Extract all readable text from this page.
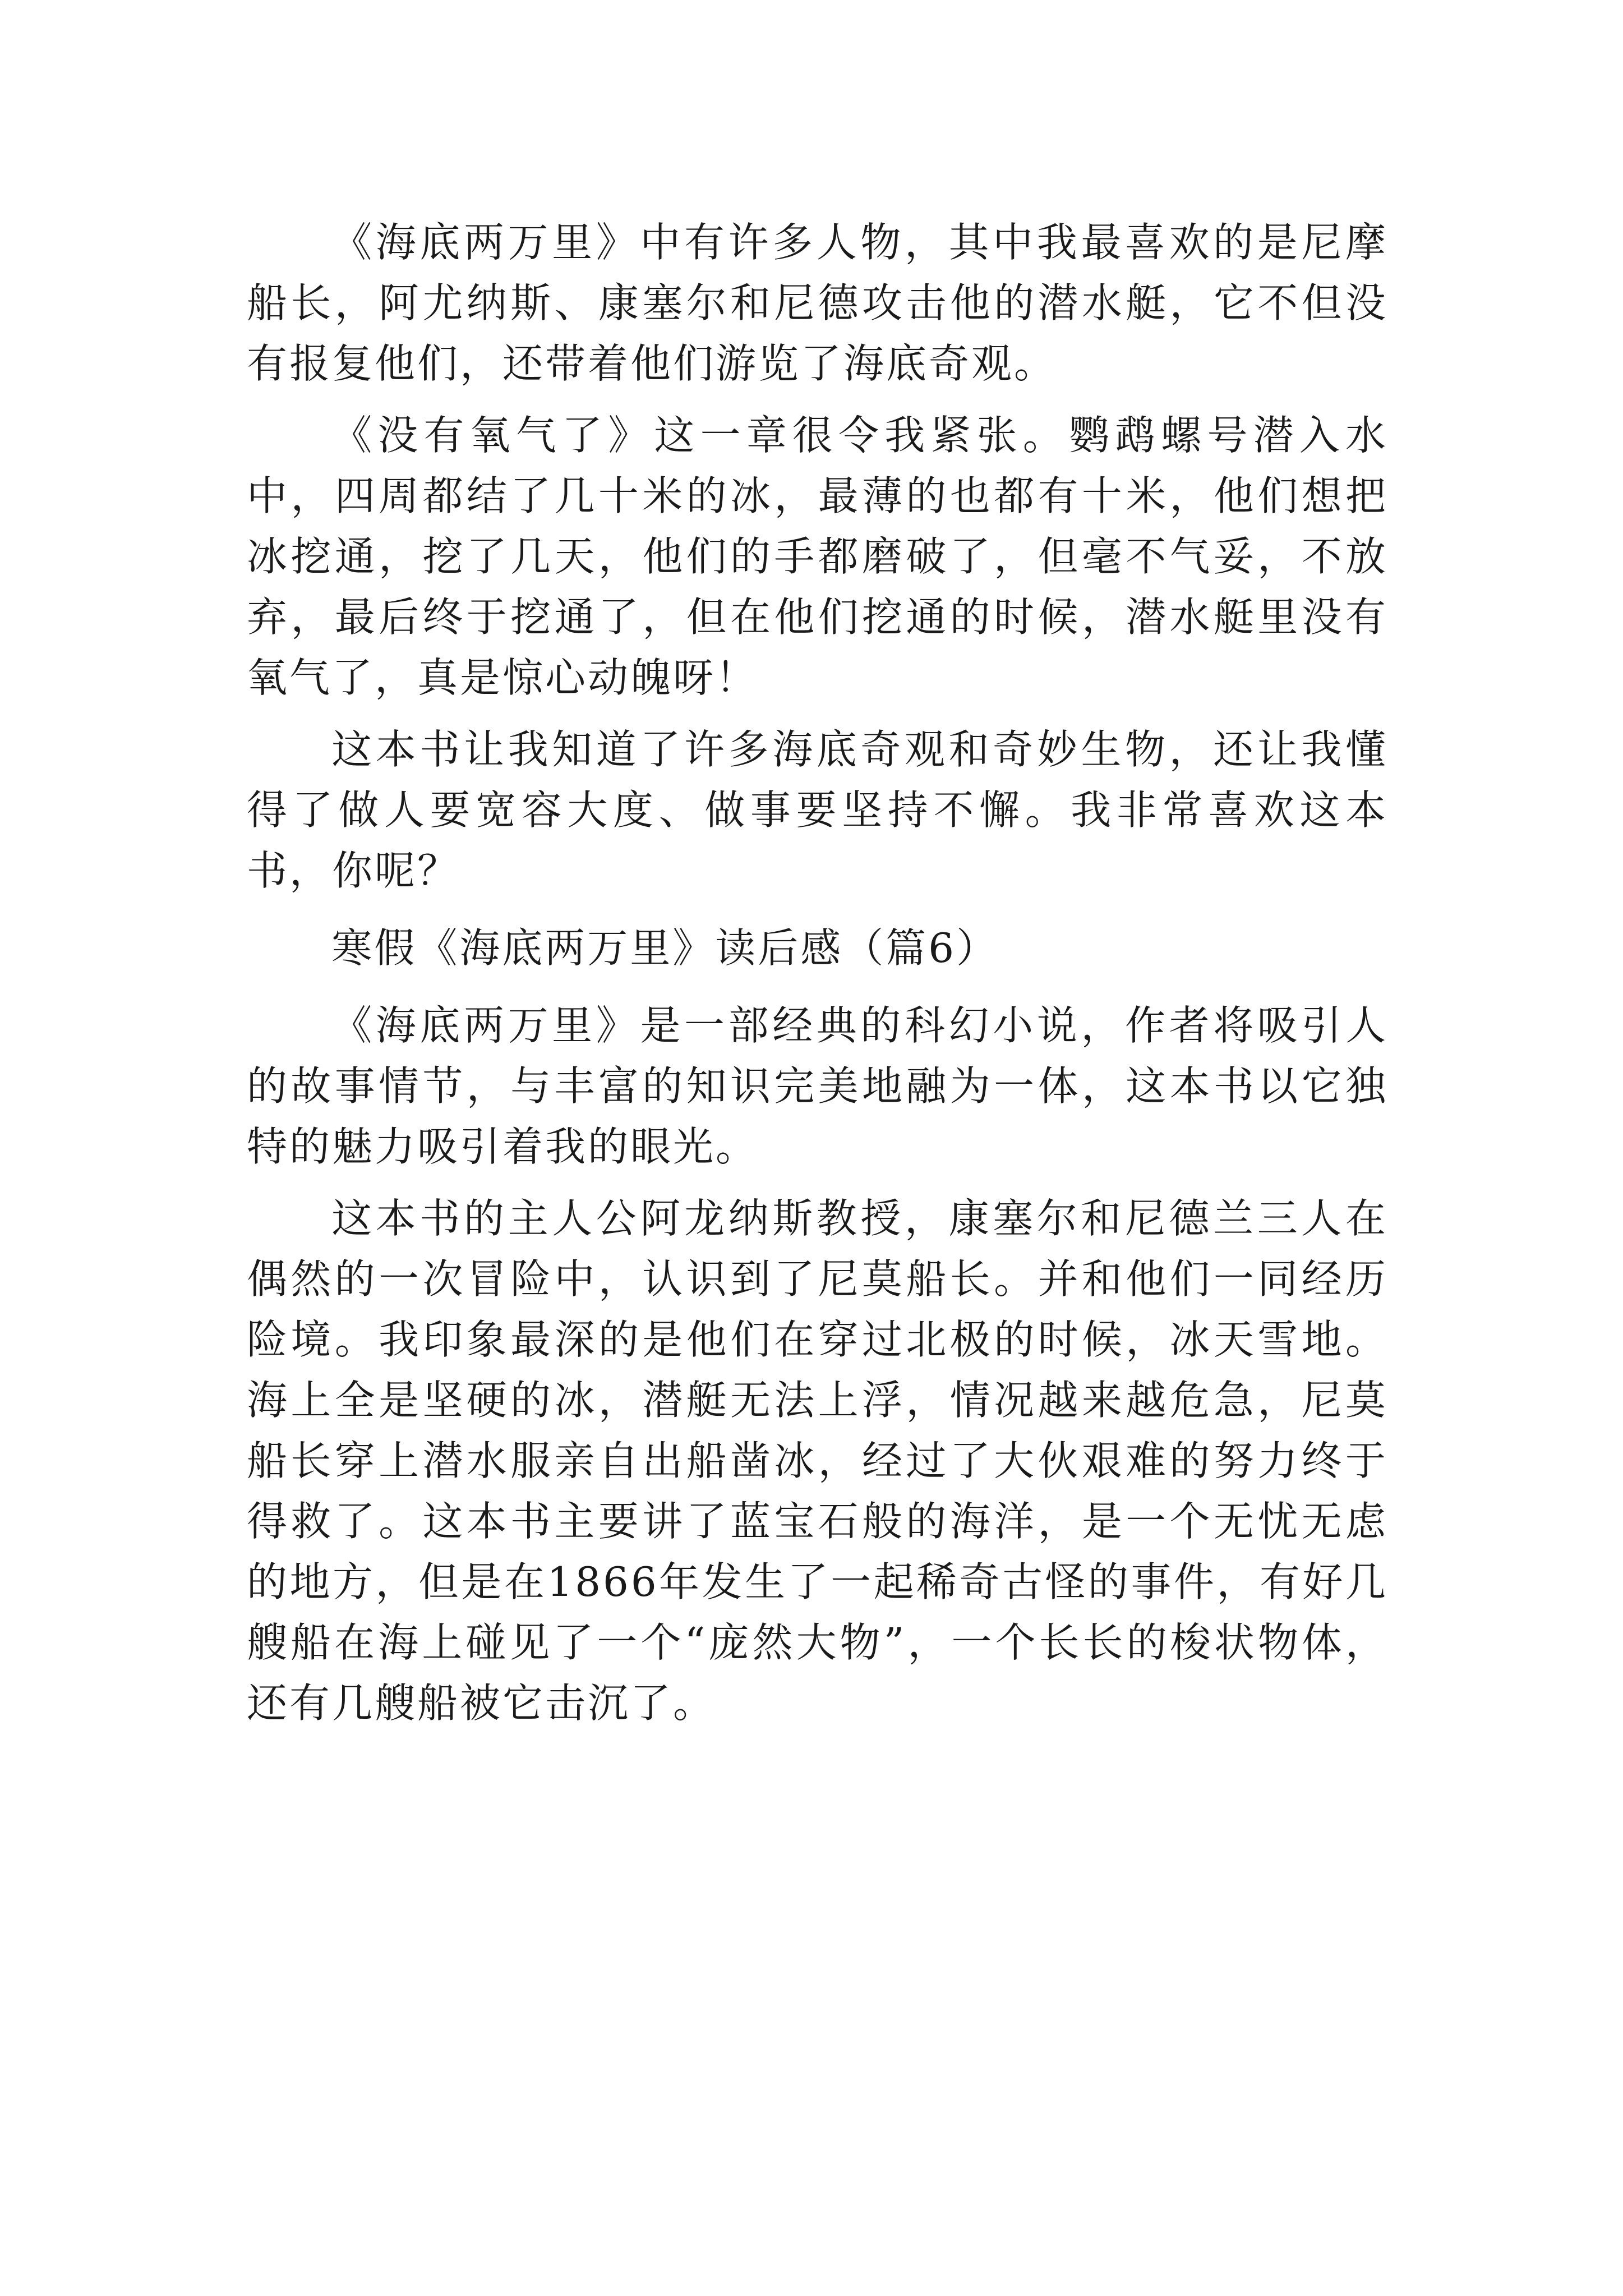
《海底两万里》中有许多人物，其中我最喜欢的是尼摩船长，阿尤纳斯、康塞尔和尼德攻击他的潜水艇，它不但没有报复他们，还带着他们游览了海底奇观。

《没有氧气了》这一章很令我紧张。鹦鹉螺号潜入水中，四周都结了几十米的冰，最薄的也都有十米，他们想把冰挖通，挖了几天，他们的手都磨破了，但毫不气妥，不放弃，最后终于挖通了，但在他们挖通的时候，潜水艇里没有氧气了，真是惊心动魄呀！

这本书让我知道了许多海底奇观和奇妙生物，还让我懂得了做人要宽容大度、做事要坚持不懈。我非常喜欢这本书，你呢？

寒假《海底两万里》读后感（篇6）

《海底两万里》是一部经典的科幻小说，作者将吸引人的故事情节，与丰富的知识完美地融为一体，这本书以它独特的魅力吸引着我的眼光。

这本书的主人公阿龙纳斯教授，康塞尔和尼德兰三人在偶然的一次冒险中，认识到了尼莫船长。并和他们一同经历险境。我印象最深的是他们在穿过北极的时候，冰天雪地。海上全是坚硬的冰，潜艇无法上浮，情况越来越危急，尼莫船长穿上潜水服亲自出船凿冰，经过了大伙艰难的努力终于得救了。这本书主要讲了蓝宝石般的海洋，是一个无忧无虑的地方，但是在1866年发生了一起稀奇古怪的事件，有好几艘船在海上碰见了一个“庞然大物”，一个长长的梭状物体，还有几艘船被它击沉了。
